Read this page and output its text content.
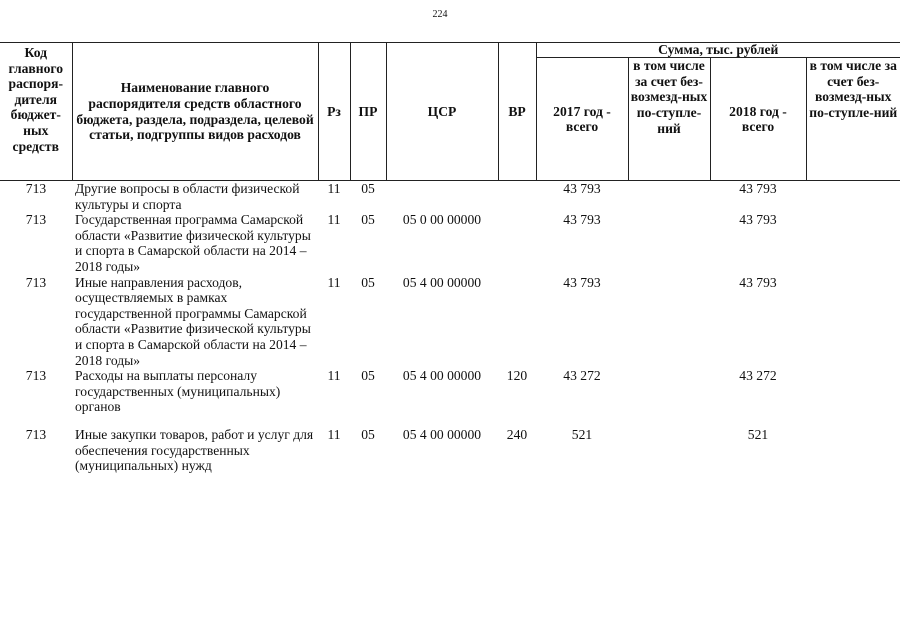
224
Код главного распоря-дителя бюджет-ных средств	Наименование главного распорядителя средств областного бюджета, раздела, подраздела, целевой статьи, подгруппы видов расходов	Рз	ПР	ЦСР	ВР	Сумма, тыс. рублей			
						2017 год - всего	в том числе за счет без-возмезд-ных по-ступле-ний	2018 год - всего	в том числе за счет без-возмезд-ных по-ступле-ний
713	Другие вопросы в области физической культуры и спорта	11	05			43 793		43 793	
713	Государственная программа Самарской области «Развитие физической культуры и спорта в Самарской области на 2014 – 2018 годы»	11	05	05 0 00 00000		43 793		43 793	
713	Иные направления расходов, осуществляемых в рамках государственной программы Самарской области «Развитие физической культуры и спорта в Самарской области на 2014 – 2018 годы»	11	05	05 4 00 00000		43 793		43 793	
713	Расходы на выплаты персоналу государственных (муниципальных) органов	11	05	05 4 00 00000	120	43 272		43 272	
713	Иные закупки товаров, работ и услуг для обеспечения государственных (муниципальных) нужд	11	05	05 4 00 00000	240	521		521	
